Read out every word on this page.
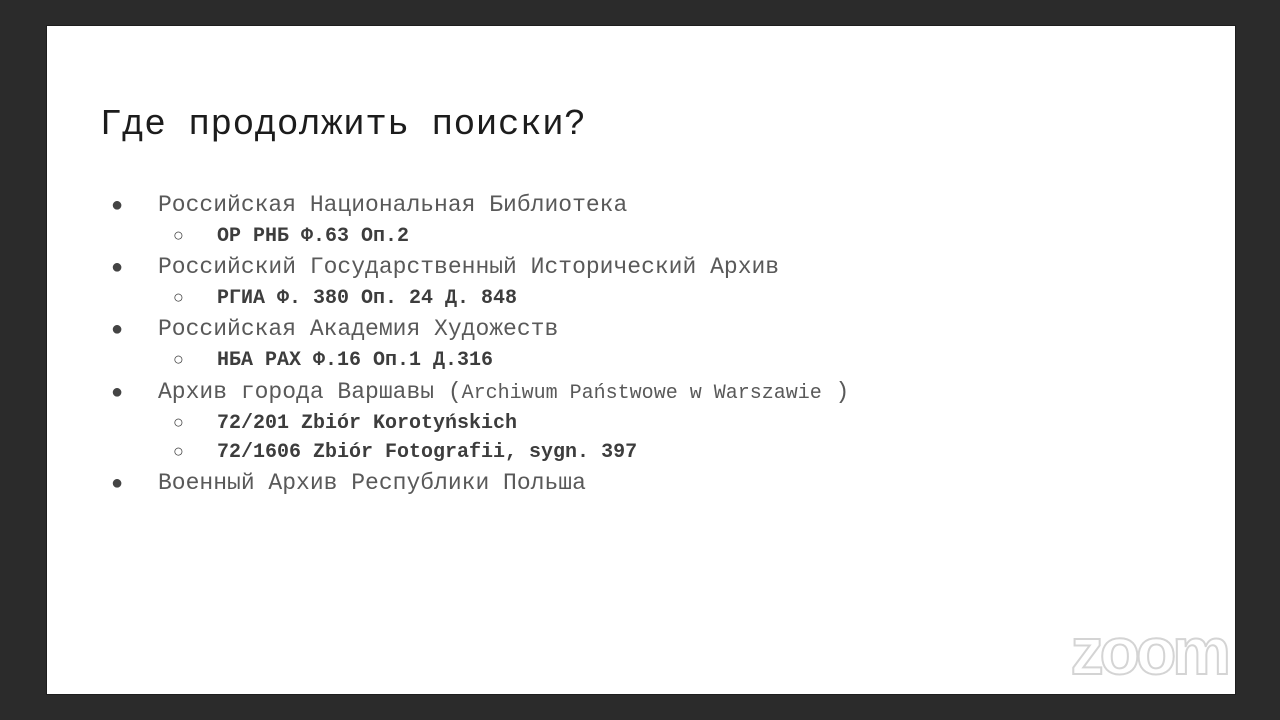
Где продолжить поиски?
● Российская Национальная Библиотека
○ ОР РНБ Ф.63 Оп.2
● Российский Государственный Исторический Архив
○ РГИА Ф. 380 Оп. 24 Д. 848
● Российская Академия Художеств
○ НБА РАХ Ф.16 Оп.1 Д.316
● Архив города Варшавы (Archiwum Państwowe w Warszawie )
○ 72/201 Zbiór Korotyńskich
○ 72/1606 Zbiór Fotografii, sygn. 397
● Военный Архив Республики Польша
zoom
